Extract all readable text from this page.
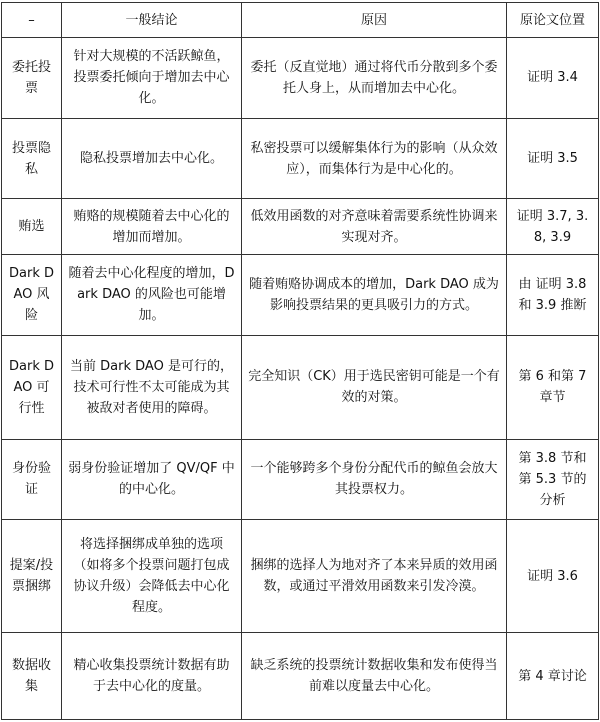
–	一般结论	原因	原论文位置
委托投票	针对大规模的不活跃鲸鱼，投票委托倾向于增加去中心化。	委托（反直觉地）通过将代币分散到多个委托人身上，从而增加去中心化。	证明 3.4
投票隐私	隐私投票增加去中心化。	私密投票可以缓解集体行为的影响（从众效应），而集体行为是中心化的。	证明 3.5
贿选	贿赂的规模随着去中心化的增加而增加。	低效用函数的对齐意味着需要系统性协调来实现对齐。	证明 3.7, 3.8, 3.9
Dark DAO 风险	随着去中心化程度的增加，Dark DAO 的风险也可能增加。	随着贿赂协调成本的增加，Dark DAO 成为影响投票结果的更具吸引力的方式。	由 证明 3.8 和 3.9 推断
Dark DAO 可行性	当前 Dark DAO 是可行的，技术可行性不太可能成为其被敌对者使用的障碍。	完全知识（CK）用于选民密钥可能是一个有效的对策。	第 6 和第 7 章节
身份验证	弱身份验证增加了 QV/QF 中的中心化。	一个能够跨多个身份分配代币的鲸鱼会放大其投票权力。	第 3.8 节和第 5.3 节的分析
提案/投票捆绑	将选择捆绑成单独的选项（如将多个投票问题打包成协议升级）会降低去中心化程度。	捆绑的选择人为地对齐了本来异质的效用函数，或通过平滑效用函数来引发冷漠。	证明 3.6
数据收集	精心收集投票统计数据有助于去中心化的度量。	缺乏系统的投票统计数据收集和发布使得当前难以度量去中心化。	第 4 章讨论
